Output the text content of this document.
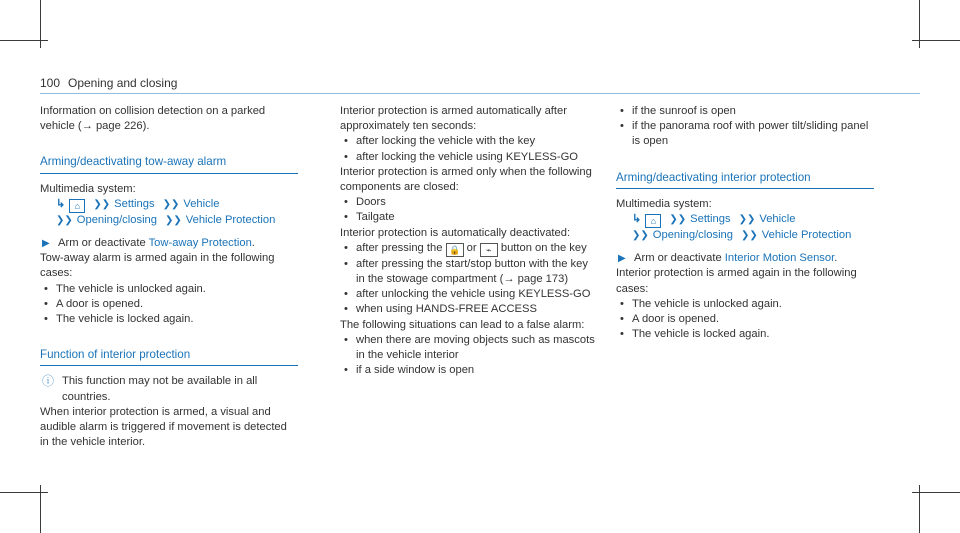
100 Opening and closing

Information on collision detection on a parked vehicle (→ page 226).

Arming/deactivating tow-away alarm

Multimedia system:

↳ ⌂ ❯❯ Settings ❯❯ Vehicle

❯❯ Opening/closing ❯❯ Vehicle Protection

▶ Arm or deactivate Tow-away Protection.

Tow-away alarm is armed again in the following cases:

• The vehicle is unlocked again.
• A door is opened.
• The vehicle is locked again.
Function of interior protection

ⓘ This function may not be available in all countries.

When interior protection is armed, a visual and audible alarm is triggered if movement is detected in the vehicle interior.

Interior protection is armed automatically after approximately ten seconds:

• after locking the vehicle with the key
• after locking the vehicle using KEYLESS-GO

Interior protection is armed only when the following components are closed:

• Doors
• Tailgate

Interior protection is automatically deactivated:

• after pressing the 🔒 or ⌁ button on the key
• after pressing the start/stop button with the key in the stowage compartment (→ page 173)
• after unlocking the vehicle using KEYLESS-GO
• when using HANDS-FREE ACCESS

The following situations can lead to a false alarm:

• when there are moving objects such as mascots in the vehicle interior
• if a side window is open
• if the sunroof is open
• if the panorama roof with power tilt/sliding panel is open
Arming/deactivating interior protection

Multimedia system:

↳ ⌂ ❯❯ Settings ❯❯ Vehicle

❯❯ Opening/closing ❯❯ Vehicle Protection

▶ Arm or deactivate Interior Motion Sensor.

Interior protection is armed again in the following cases:

• The vehicle is unlocked again.
• A door is opened.
• The vehicle is locked again.
